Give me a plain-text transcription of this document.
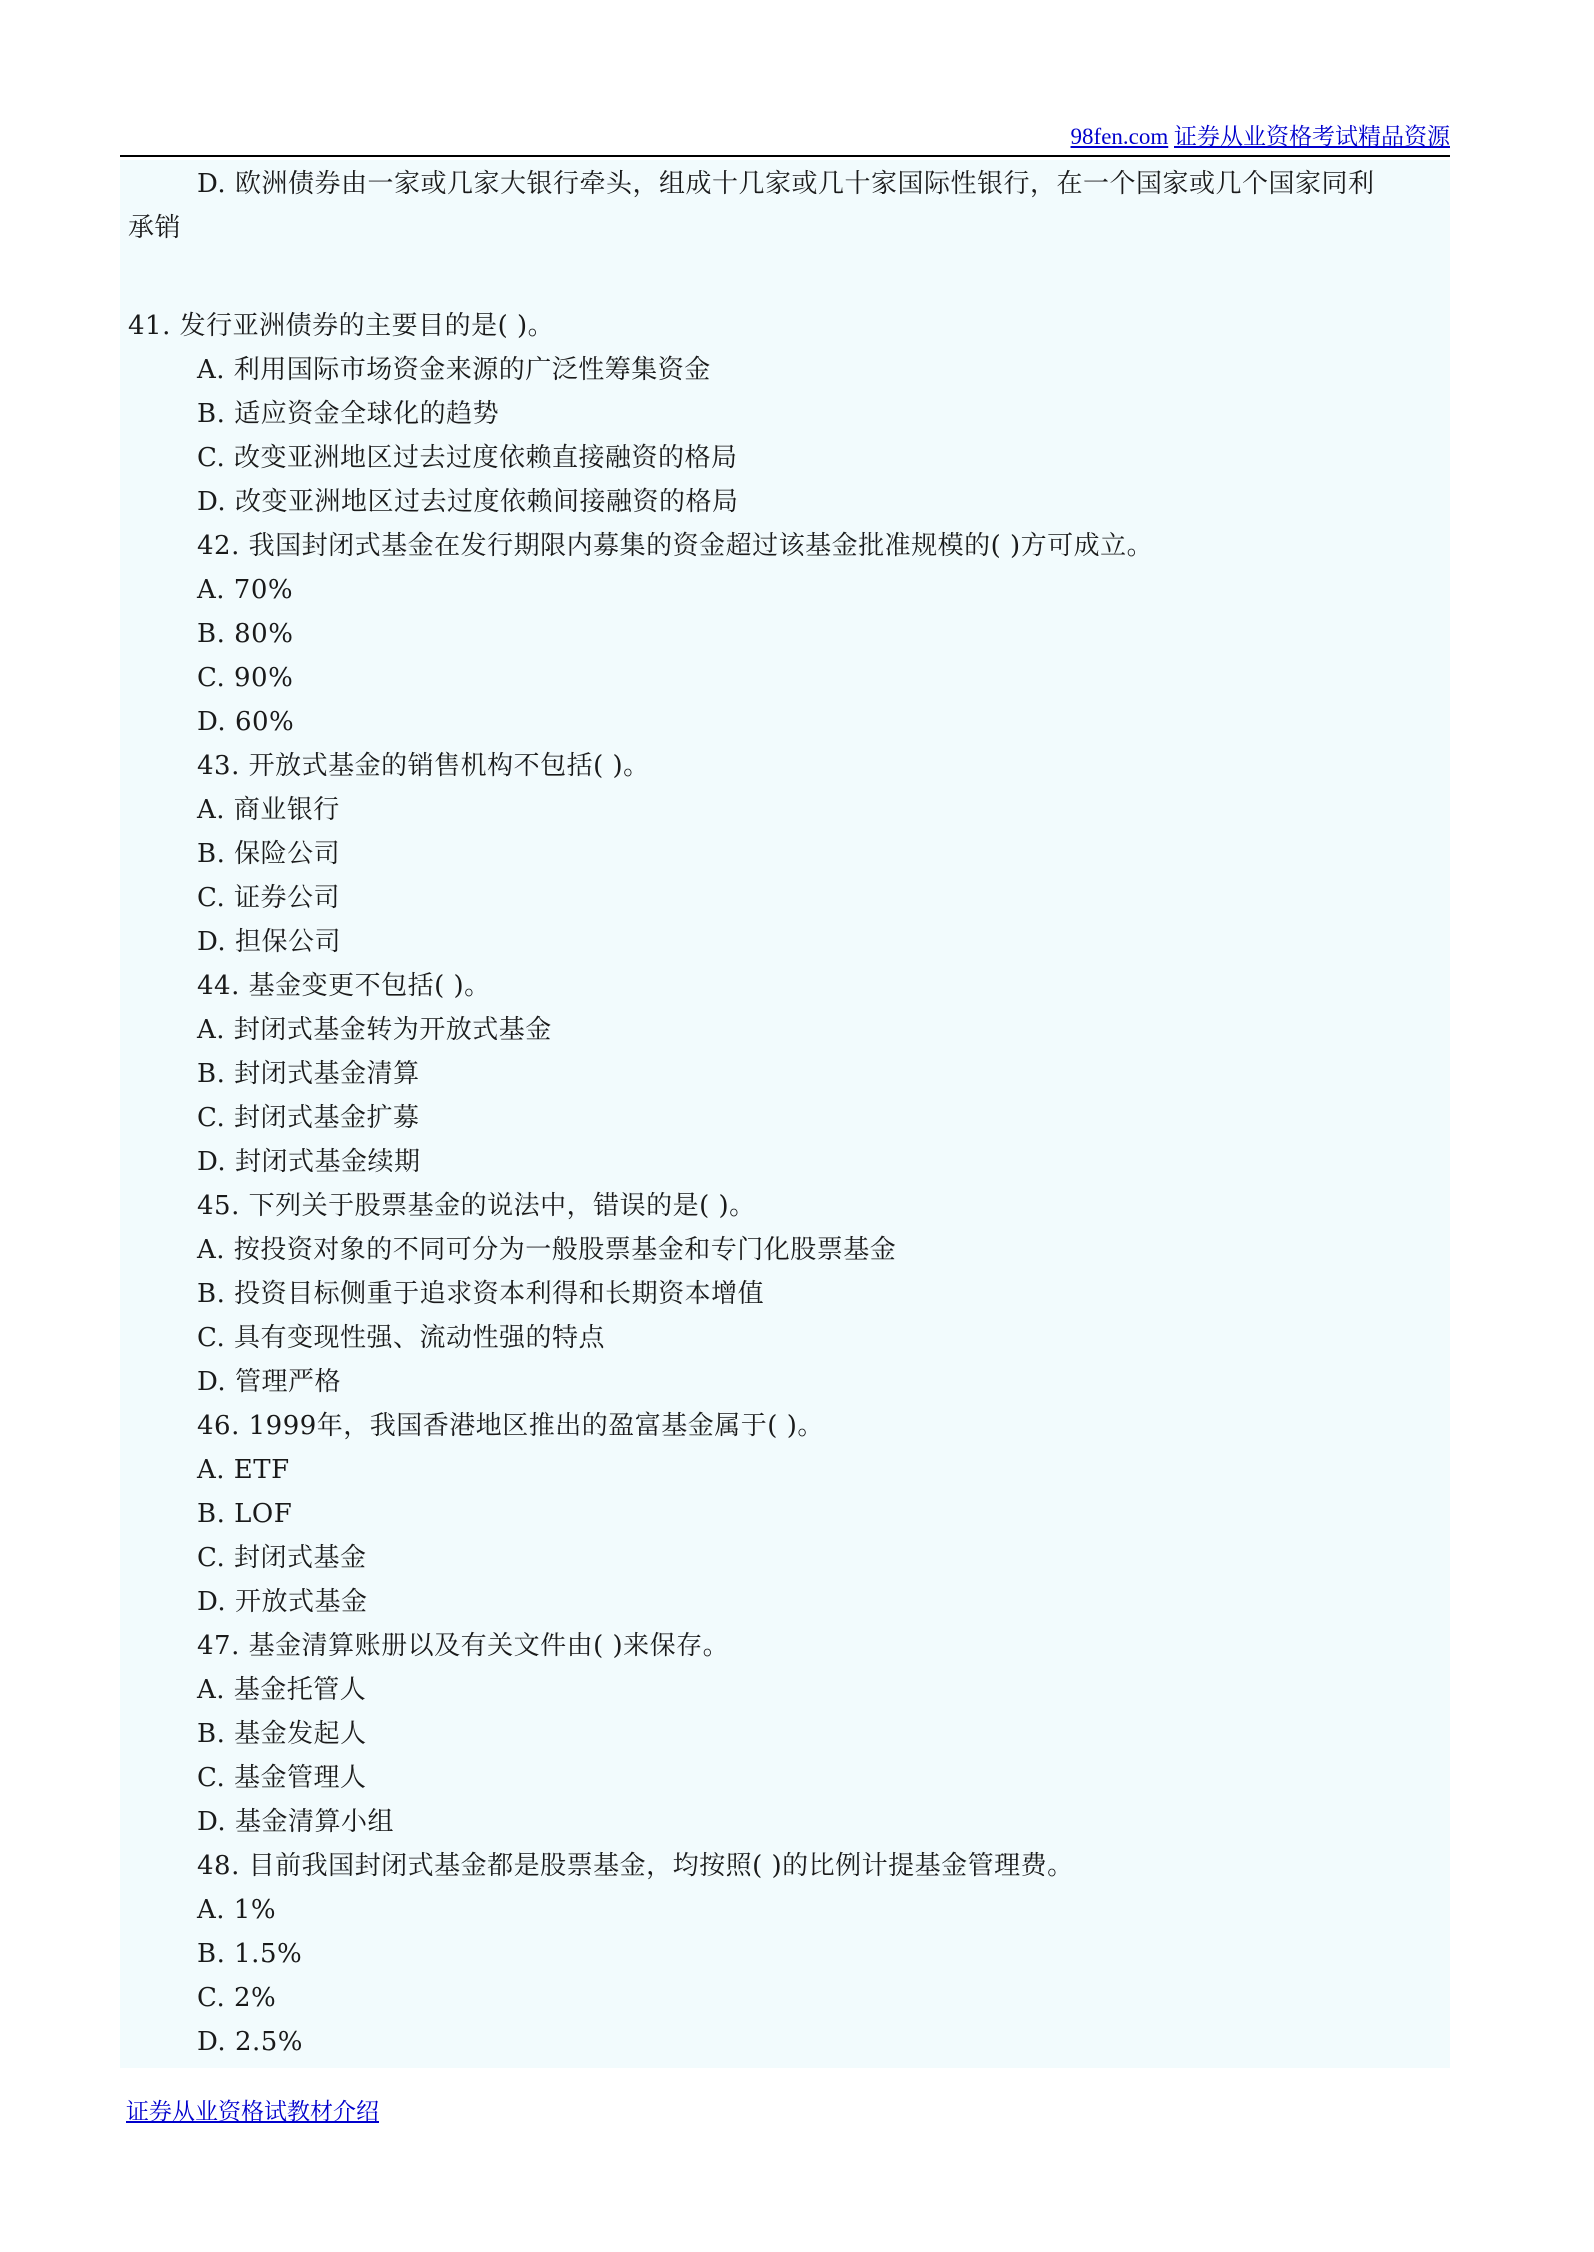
98fen.com 证券从业资格考试精品资源
D. 欧洲债券由一家或几家大银行牵头，组成十几家或几十家国际性银行，在一个国家或几个国家同利
承销
41. 发行亚洲债券的主要目的是( )。
A. 利用国际市场资金来源的广泛性筹集资金
B. 适应资金全球化的趋势
C. 改变亚洲地区过去过度依赖直接融资的格局
D. 改变亚洲地区过去过度依赖间接融资的格局
42. 我国封闭式基金在发行期限内募集的资金超过该基金批准规模的( )方可成立。
A. 70%
B. 80%
C. 90%
D. 60%
43. 开放式基金的销售机构不包括( )。
A. 商业银行
B. 保险公司
C. 证券公司
D. 担保公司
44. 基金变更不包括( )。
A. 封闭式基金转为开放式基金
B. 封闭式基金清算
C. 封闭式基金扩募
D. 封闭式基金续期
45. 下列关于股票基金的说法中，错误的是( )。
A. 按投资对象的不同可分为一般股票基金和专门化股票基金
B. 投资目标侧重于追求资本利得和长期资本增值
C. 具有变现性强、流动性强的特点
D. 管理严格
46. 1999年，我国香港地区推出的盈富基金属于( )。
A. ETF
B. LOF
C. 封闭式基金
D. 开放式基金
47. 基金清算账册以及有关文件由( )来保存。
A. 基金托管人
B. 基金发起人
C. 基金管理人
D. 基金清算小组
48. 目前我国封闭式基金都是股票基金，均按照( )的比例计提基金管理费。
A. 1%
B. 1.5%
C. 2%
D. 2.5%
证券从业资格试教材介绍
